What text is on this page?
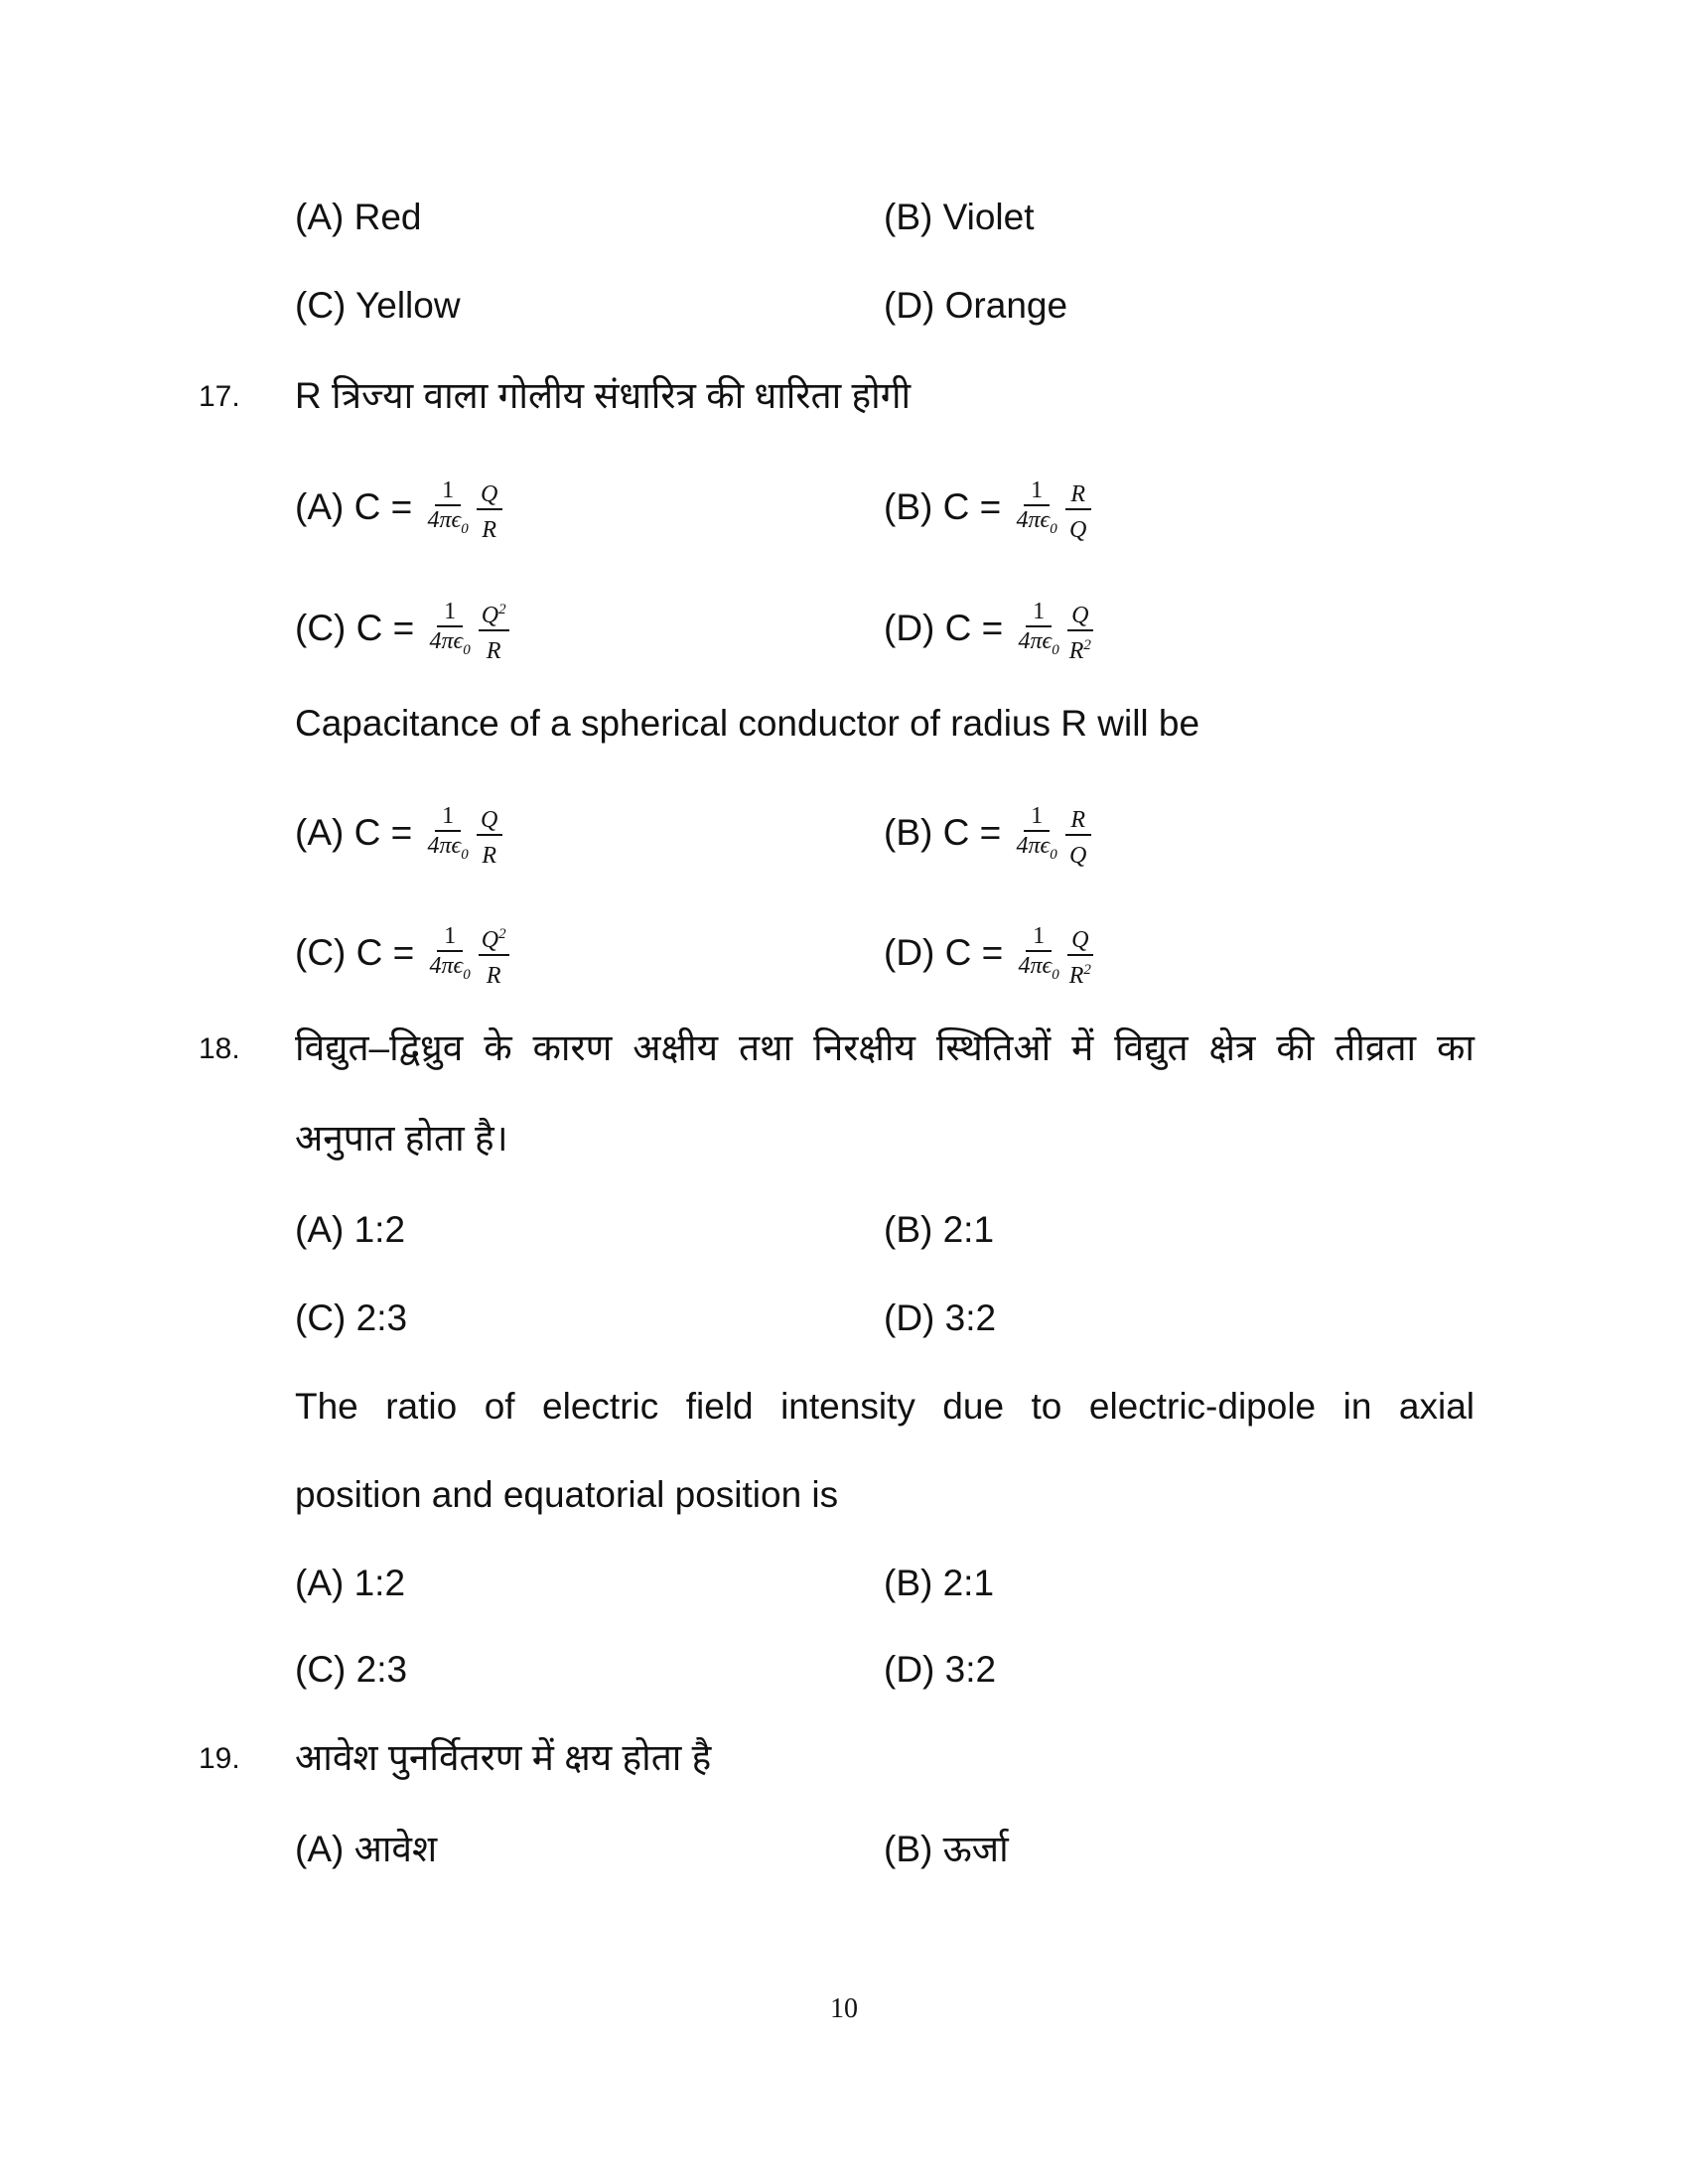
(A) Red	(B) Violet
(C) Yellow	(D) Orange
17. R त्रिज्या वाला गोलीय संधारित्र की धारिता होगी
(A) $C = \frac{1}{4\pi\epsilon_0} \frac{Q}{R}$	(B) $C = \frac{1}{4\pi\epsilon_0} \frac{R}{Q}$
(C) $C = \frac{1}{4\pi\epsilon_0} \frac{Q^2}{R}$	(D) $C = \frac{1}{4\pi\epsilon_0} \frac{Q}{R^2}$
Capacitance of a spherical conductor of radius R will be
(A) $C = \frac{1}{4\pi\epsilon_0} \frac{Q}{R}$	(B) $C = \frac{1}{4\pi\epsilon_0} \frac{R}{Q}$
(C) $C = \frac{1}{4\pi\epsilon_0} \frac{Q^2}{R}$	(D) $C = \frac{1}{4\pi\epsilon_0} \frac{Q}{R^2}$
18. विद्युत–द्विध्रुव के कारण अक्षीय तथा निरक्षीय स्थितिओं में विद्युत क्षेत्र की तीव्रता का
अनुपात होता है।
(A) 1:2	(B) 2:1
(C) 2:3	(D) 3:2
The ratio of electric field intensity due to electric-dipole in axial
position and equatorial position is
(A) 1:2	(B) 2:1
(C) 2:3	(D) 3:2
19. आवेश पुनर्वितरण में क्षय होता है
(A) आवेश	(B) ऊर्जा
10
